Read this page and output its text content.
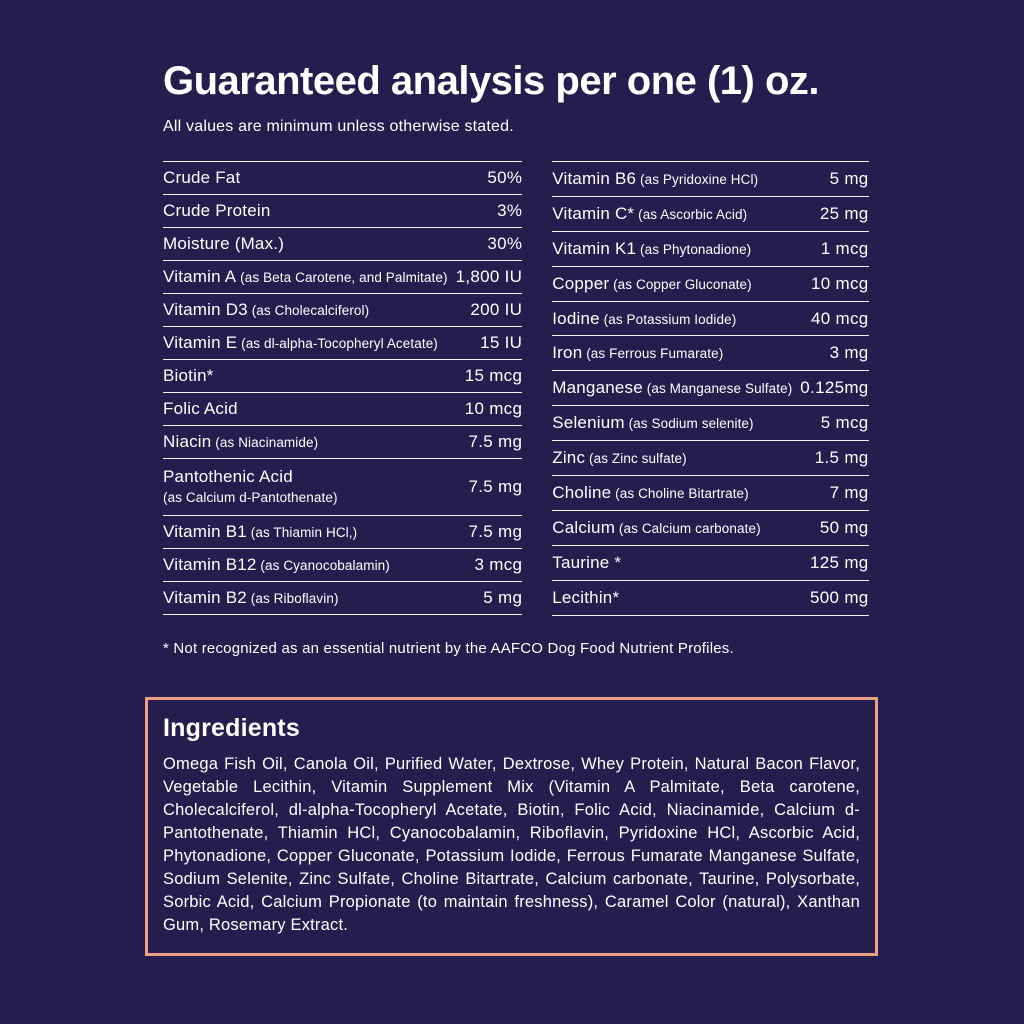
Guaranteed analysis per one (1) oz.
All values are minimum unless otherwise stated.
Crude Fat	50%
Crude Protein	3%
Moisture (Max.)	30%
Vitamin A (as Beta Carotene, and Palmitate) 1,800 IU
Vitamin D3 (as Cholecalciferol)	200 IU
Vitamin E (as dl-alpha-Tocopheryl Acetate) 15 IU
Biotin*	15 mcg
Folic Acid	10 mcg
Niacin (as Niacinamide)	7.5 mg
Pantothenic Acid
(as Calcium d-Pantothenate)
7.5 mg
Vitamin B1 (as Thiamin HCl,)	7.5 mg
Vitamin B12 (as Cyanocobalamin)	3 mcg
Vitamin B2 (as Riboflavin)	5 mg
Vitamin B6 (as Pyridoxine HCl)	5 mg
Vitamin C* (as Ascorbic Acid)	25 mg
Vitamin K1 (as Phytonadione)	1 mcg
Copper (as Copper Gluconate)	10 mcg
Iodine (as Potassium Iodide)	40 mcg
Iron (as Ferrous Fumarate)	3 mg
Manganese (as Manganese Sulfate) 0.125mg
Selenium (as Sodium selenite)	5 mcg
Zinc (as Zinc sulfate)	1.5 mg
Choline (as Choline Bitartrate)	7 mg
Calcium (as Calcium carbonate)	50 mg
Taurine *	125 mg
Lecithin*	500 mg
* Not recognized as an essential nutrient by the AAFCO Dog Food Nutrient Profiles.
Ingredients
Omega Fish Oil, Canola Oil, Purified Water, Dextrose, Whey Protein, Natural Bacon Flavor, Vegetable Lecithin, Vitamin Supplement Mix (Vitamin A Palmitate, Beta carotene, Cholecalciferol, dl-alpha-Tocopheryl Acetate, Biotin, Folic Acid, Niacinamide, Calcium d-Pantothenate, Thiamin HCl, Cyanocobalamin, Riboflavin, Pyridoxine HCl, Ascorbic Acid, Phytonadione, Copper Gluconate, Potassium Iodide, Ferrous Fumarate Manganese Sulfate, Sodium Selenite, Zinc Sulfate, Choline Bitartrate, Calcium carbonate, Taurine, Polysorbate, Sorbic Acid, Calcium Propionate (to maintain freshness), Caramel Color (natural), Xanthan Gum, Rosemary Extract.
